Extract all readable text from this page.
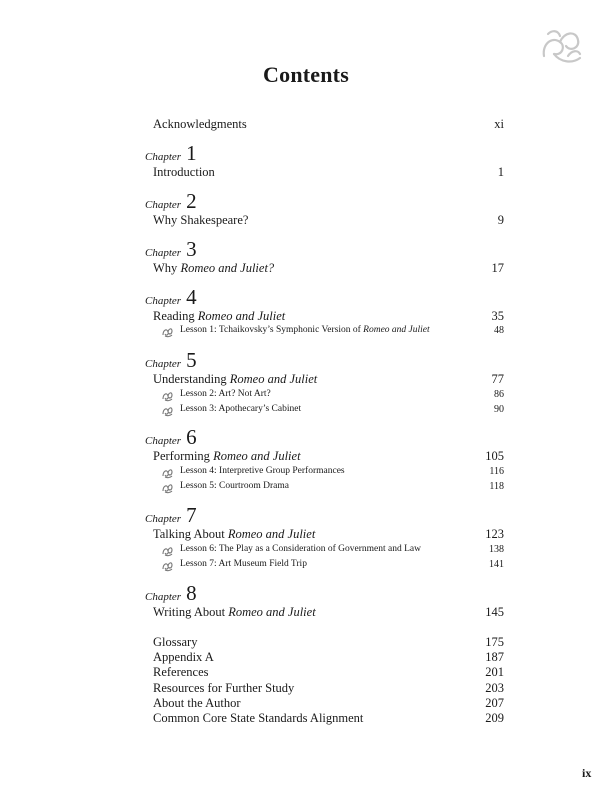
Contents
Acknowledgments	xi
Chapter 1
Introduction	1
Chapter 2
Why Shakespeare?	9
Chapter 3
Why Romeo and Juliet?	17
Chapter 4
Reading Romeo and Juliet	35
Lesson 1: Tchaikovsky’s Symphonic Version of Romeo and Juliet	48
Chapter 5
Understanding Romeo and Juliet	77
Lesson 2: Art? Not Art?	86
Lesson 3: Apothecary’s Cabinet	90
Chapter 6
Performing Romeo and Juliet	105
Lesson 4: Interpretive Group Performances	116
Lesson 5: Courtroom Drama	118
Chapter 7
Talking About Romeo and Juliet	123
Lesson 6: The Play as a Consideration of Government and Law	138
Lesson 7: Art Museum Field Trip	141
Chapter 8
Writing About Romeo and Juliet	145
Glossary	175
Appendix A	187
References	201
Resources for Further Study	203
About the Author	207
Common Core State Standards Alignment	209
ix
